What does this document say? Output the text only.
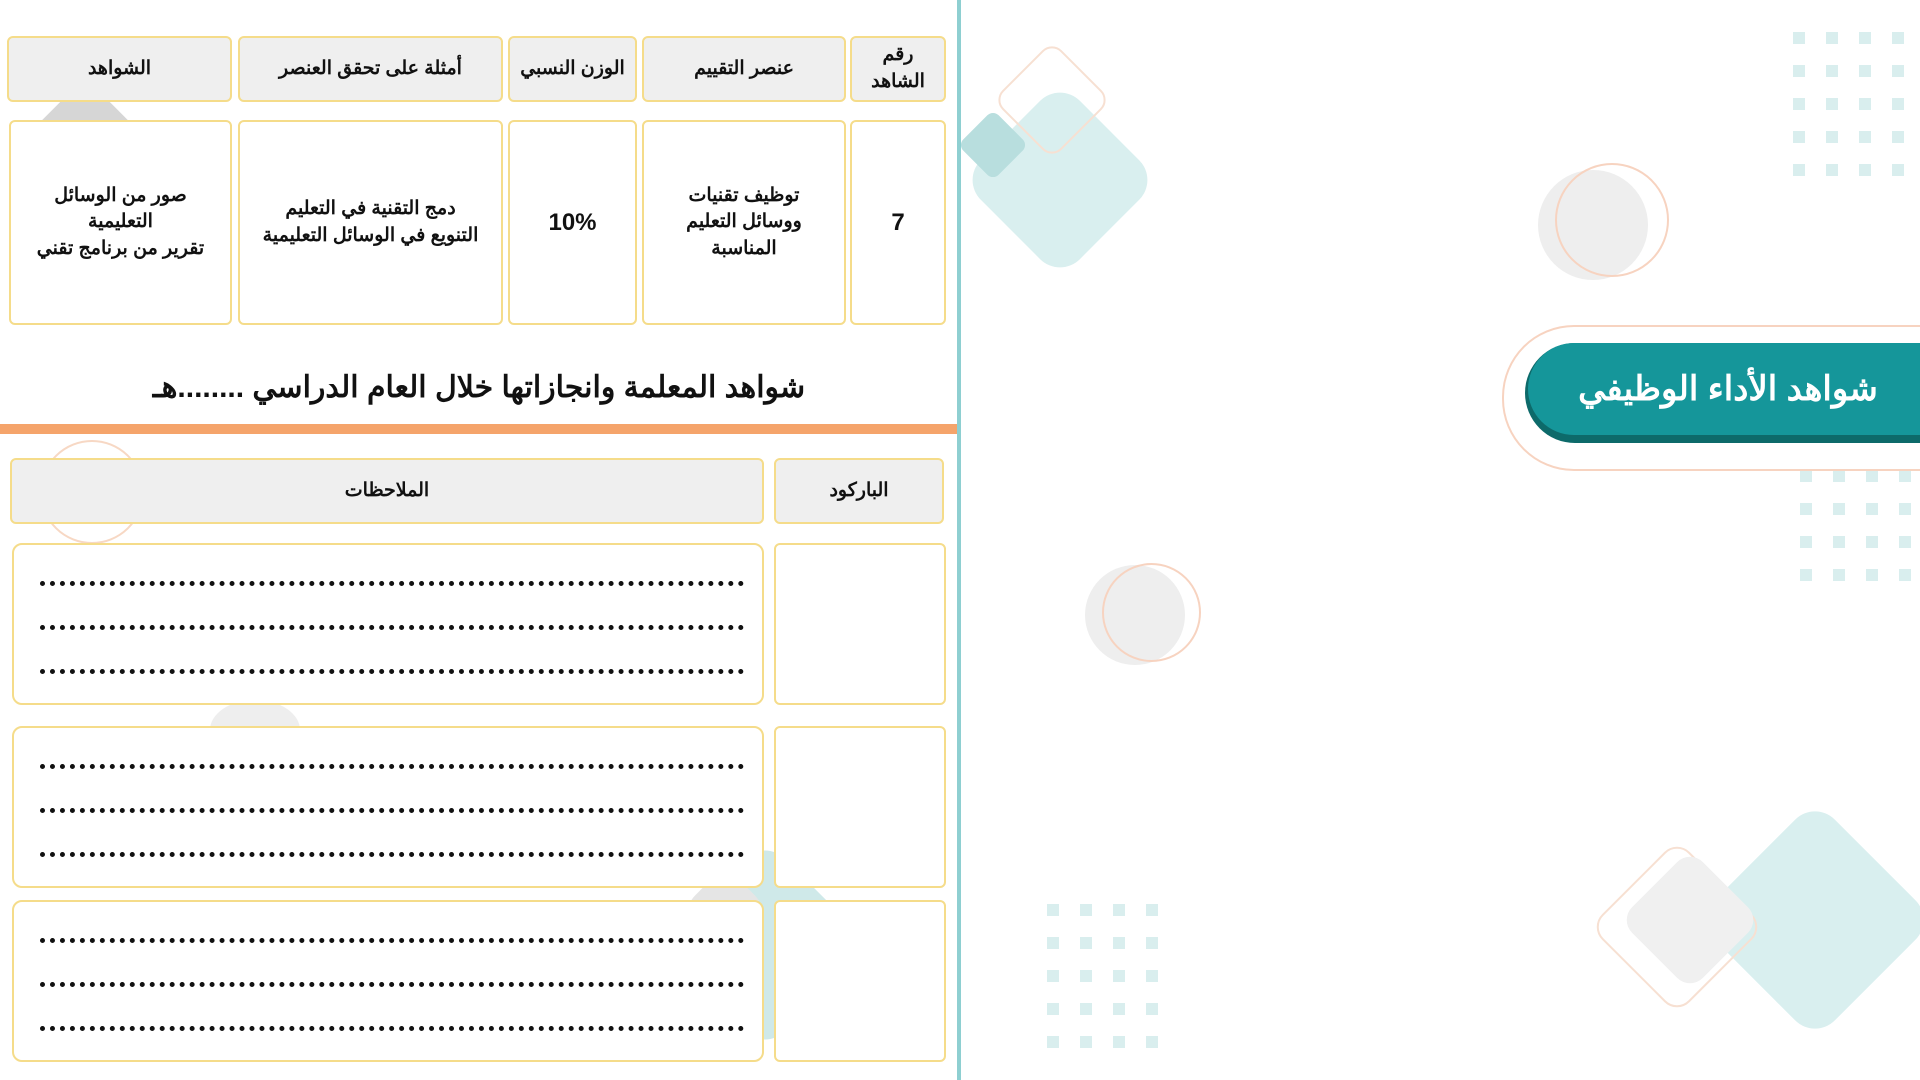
رقم الشاهد
عنصر التقييم
الوزن النسبي
أمثلة على تحقق العنصر
الشواهد
7
توظيف تقنيات ووسائل التعليم المناسبة
10%
دمج التقنية في التعليم
التنويع في الوسائل التعليمية
صور من الوسائل التعليمية
تقرير من برنامج تقني
شواهد المعلمة وانجازاتها خلال العام الدراسي ........هـ
الباركود
الملاحظات
شواهد الأداء الوظيفي
